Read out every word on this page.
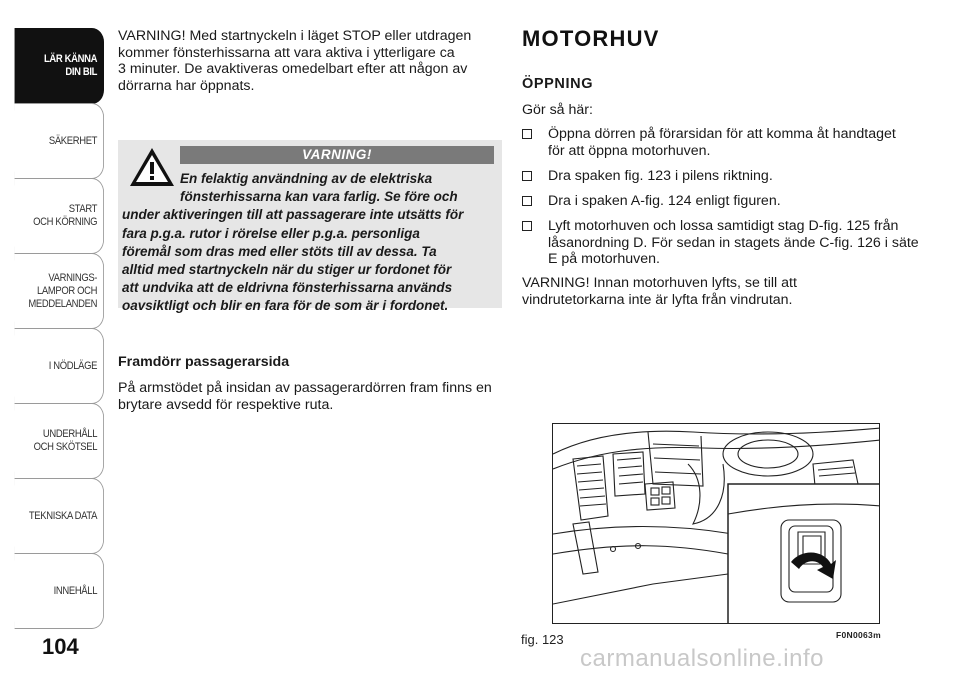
LÄR KÄNNA
DIN BIL
SÄKERHET
START
OCH KÖRNING
VARNINGS-
LAMPOR OCH
MEDDELANDEN
I NÖDLÄGE
UNDERHÅLL
OCH SKÖTSEL
TEKNISKA DATA
INNEHÅLL
104
VARNING! Med startnyckeln i läget STOP eller utdragen
kommer fönsterhissarna att vara aktiva i ytterligare ca
3 minuter. De avaktiveras omedelbart efter att någon av
dörrarna har öppnats.
VARNING!
En felaktig användning av de elektriska
fönsterhissarna kan vara farlig. Se före och
under aktiveringen till att passagerare inte utsätts för
fara p.g.a. rutor i rörelse eller p.g.a. personliga
föremål som dras med eller stöts till av dessa. Ta
alltid med startnyckeln när du stiger ur fordonet för
att undvika att de eldrivna fönsterhissarna används
oavsiktligt och blir en fara för de som är i fordonet.
Framdörr passagerarsida
På armstödet på insidan av passagerardörren fram finns en
brytare avsedd för respektive ruta.
MOTORHUV
ÖPPNING
Gör så här:
Öppna dörren på förarsidan för att komma åt handtaget
för att öppna motorhuven.
Dra spaken fig. 123 i pilens riktning.
Dra i spaken A-fig. 124 enligt figuren.
Lyft motorhuven och lossa samtidigt stag D-fig. 125 från
låsanordning D. För sedan in stagets ände C-fig. 126 i säte
E på motorhuven.
VARNING! Innan motorhuven lyfts, se till att
vindrutetorkarna inte är lyfta från vindrutan.
fig. 123	F0N0063m
carmanualsonline.info
